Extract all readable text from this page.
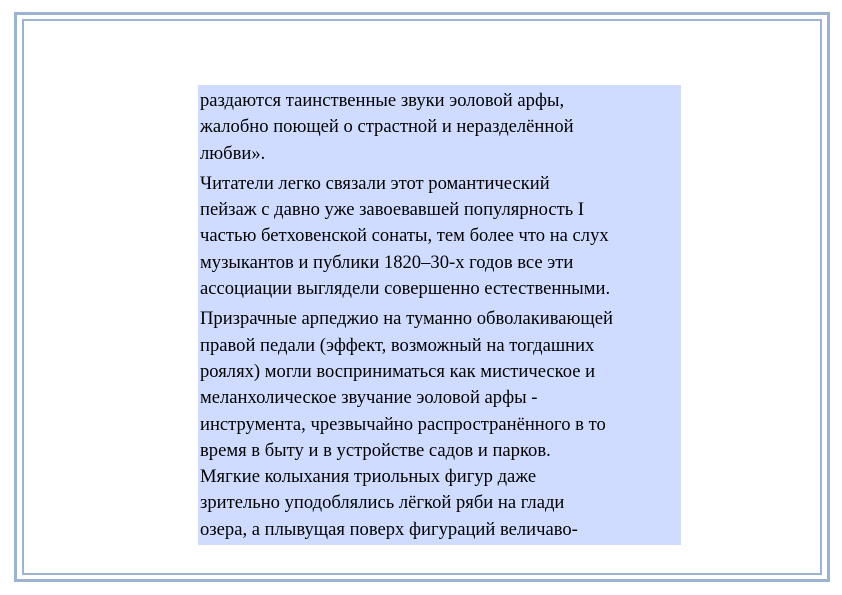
раздаются таинственные звуки эоловой арфы,
жалобно поющей о страстной и неразделённой
любви».

Читатели легко связали этот романтический
пейзаж с давно уже завоевавшей популярность I
частью бетховенской сонаты, тем более что на слух
музыкантов и публики 1820–30-х годов все эти
ассоциации выглядели совершенно естественными.

Призрачные арпеджио на туманно обволакивающей
правой педали (эффект, возможный на тогдашних
роялях) могли восприниматься как мистическое и
меланхолическое звучание эоловой арфы -
инструмента, чрезвычайно распространённого в то
время в быту и в устройстве садов и парков.
Мягкие колыхания триольных фигур даже
зрительно уподоблялись лёгкой ряби на глади
озера, а плывущая поверх фигураций величаво-
